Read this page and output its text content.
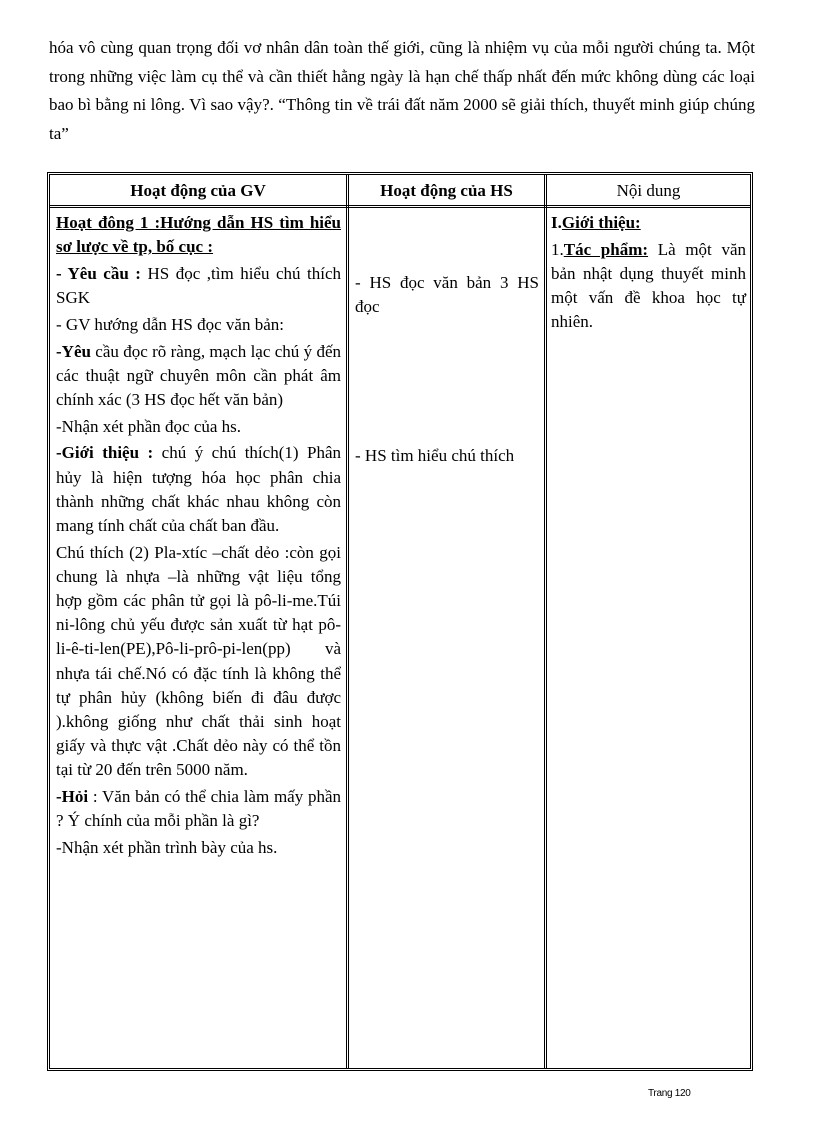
hóa vô cùng quan trọng đối vơ nhân dân toàn thế giới, cũng là nhiệm vụ của mỗi người chúng ta. Một trong những việc làm cụ thể và cần thiết hằng ngày là hạn chế thấp nhất đến mức không dùng các loại bao bì bằng ni lông. Vì sao vậy?. “Thông tin về trái đất năm 2000 sẽ giải thích, thuyết minh giúp chúng ta”

Hoạt động của GV

Hoạt đông 1 :Hướng dẫn HS tìm hiểu sơ lược về tp, bố cục :

- Yêu cầu : HS đọc ,tìm hiểu chú thích SGK

- GV hướng dẫn HS đọc văn bản:

-Yêu cầu đọc rõ ràng, mạch lạc chú ý đến các thuật ngữ chuyên môn cần phát âm chính xác (3 HS đọc hết văn bản)

-Nhận xét phần đọc của hs.

-Giới thiệu : chú ý chú thích(1) Phân hủy là hiện tượng hóa học phân chia thành những chất khác nhau không còn mang tính chất của chất ban đầu.

Chú thích (2) Pla-xtíc –chất dẻo :còn gọi chung là nhựa –là những vật liệu tổng hợp gồm các phân tử gọi là pô-li-me.Túi ni-lông chủ yếu được sản xuất từ hạt pô-li-ê-ti-len(PE),Pô-li-prô-pi-len(pp) và nhựa tái chế.Nó có đặc tính là không thể tự phân hủy (không biến đi đâu được ).không giống như chất thải sinh hoạt giấy và thực vật .Chất dẻo này có thể tồn tại từ 20 đến trên 5000 năm.

-Hỏi : Văn bản có thể chia làm mấy phần ? Ý chính của mỗi phần là gì?

-Nhận xét phần trình bày của hs.

Hoạt động của HS

- HS đọc văn bản 3 HS đọc

- HS tìm hiểu chú thích

Nội dung

I.Giới thiệu:

1.Tác phẩm: Là một văn bản nhật dụng thuyết minh một vấn đề khoa học tự nhiên.

Trang 120
